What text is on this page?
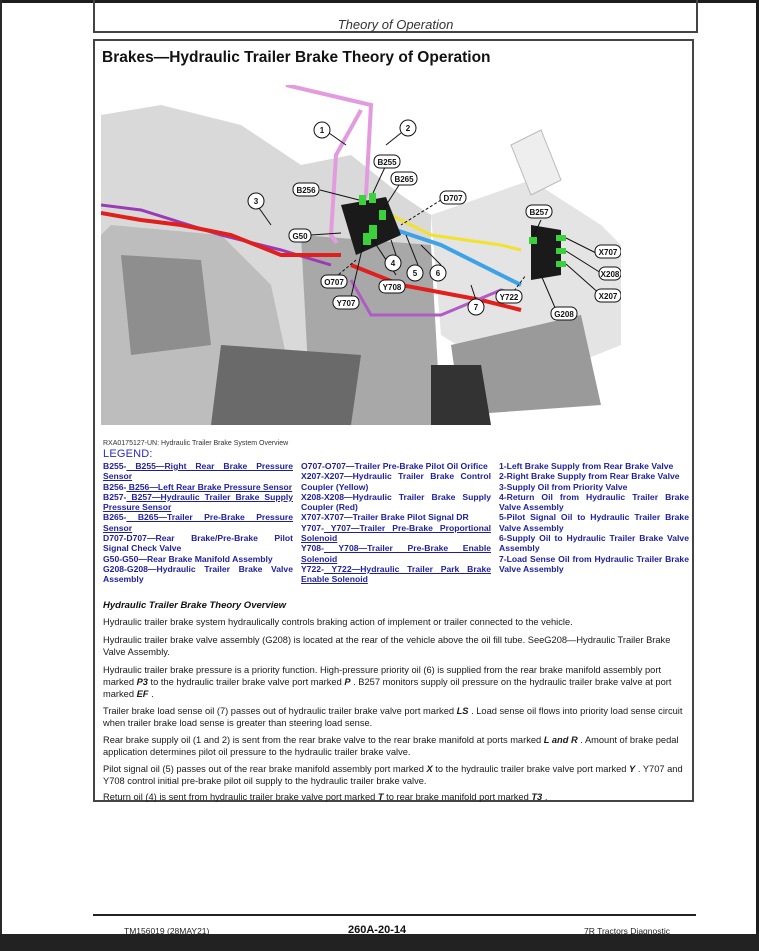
Theory of Operation
Brakes—Hydraulic Trailer Brake Theory of Operation
1	2
3
4
5 6
7
B255
B256
B265
B257
D707
G50
O707
Y707
Y708
Y722
G208
X707
X208
X207
RXA0175127-UN: Hydraulic Trailer Brake System Overview
LEGEND:
B255- B255—Right Rear Brake Pressure Sensor
B256- B256—Left Rear Brake Pressure Sensor
B257- B257—Hydraulic Trailer Brake Supply Pressure Sensor
B265- B265—Trailer Pre-Brake Pressure Sensor
D707-D707—Rear Brake/Pre-Brake Pilot Signal Check Valve
G50-G50—Rear Brake Manifold Assembly
G208-G208—Hydraulic Trailer Brake Valve Assembly
O707-O707—Trailer Pre-Brake Pilot Oil Orifice
X207-X207—Hydraulic Trailer Brake Control Coupler (Yellow)
X208-X208—Hydraulic Trailer Brake Supply Coupler (Red)
X707-X707—Trailer Brake Pilot Signal DR
Y707- Y707—Trailer Pre-Brake Proportional Solenoid
Y708- Y708—Trailer Pre-Brake Enable Solenoid
Y722- Y722—Hydraulic Trailer Park Brake Enable Solenoid
1-Left Brake Supply from Rear Brake Valve
2-Right Brake Supply from Rear Brake Valve
3-Supply Oil from Priority Valve
4-Return Oil from Hydraulic Trailer Brake Valve Assembly
5-Pilot Signal Oil to Hydraulic Trailer Brake Valve Assembly
6-Supply Oil to Hydraulic Trailer Brake Valve Assembly
7-Load Sense Oil from Hydraulic Trailer Brake Valve Assembly
Hydraulic Trailer Brake Theory Overview
Hydraulic trailer brake system hydraulically controls braking action of implement or trailer connected to the vehicle.
Hydraulic trailer brake valve assembly (G208) is located at the rear of the vehicle above the oil fill tube. SeeG208—Hydraulic Trailer Brake Valve Assembly.
Hydraulic trailer brake pressure is a priority function. High-pressure priority oil (6) is supplied from the rear brake manifold assembly port marked P3 to the hydraulic trailer brake valve port marked P . B257 monitors supply oil pressure on the hydraulic trailer brake valve at port marked EF .
Trailer brake load sense oil (7) passes out of hydraulic trailer brake valve port marked LS . Load sense oil flows into priority load sense circuit when trailer brake load sense is greater than steering load sense.
Rear brake supply oil (1 and 2) is sent from the rear brake valve to the rear brake manifold at ports marked L and R . Amount of brake pedal application determines pilot oil pressure to the hydraulic trailer brake valve.
Pilot signal oil (5) passes out of the rear brake manifold assembly port marked X to the hydraulic trailer brake valve port marked Y . Y707 and Y708 control initial pre-brake pilot oil supply to the hydraulic trailer brake valve.
Return oil (4) is sent from hydraulic trailer brake valve port marked T to rear brake manifold port marked T3 .
TM156019 (28MAY21)	260A-20-14	7R Tractors Diagnostic
